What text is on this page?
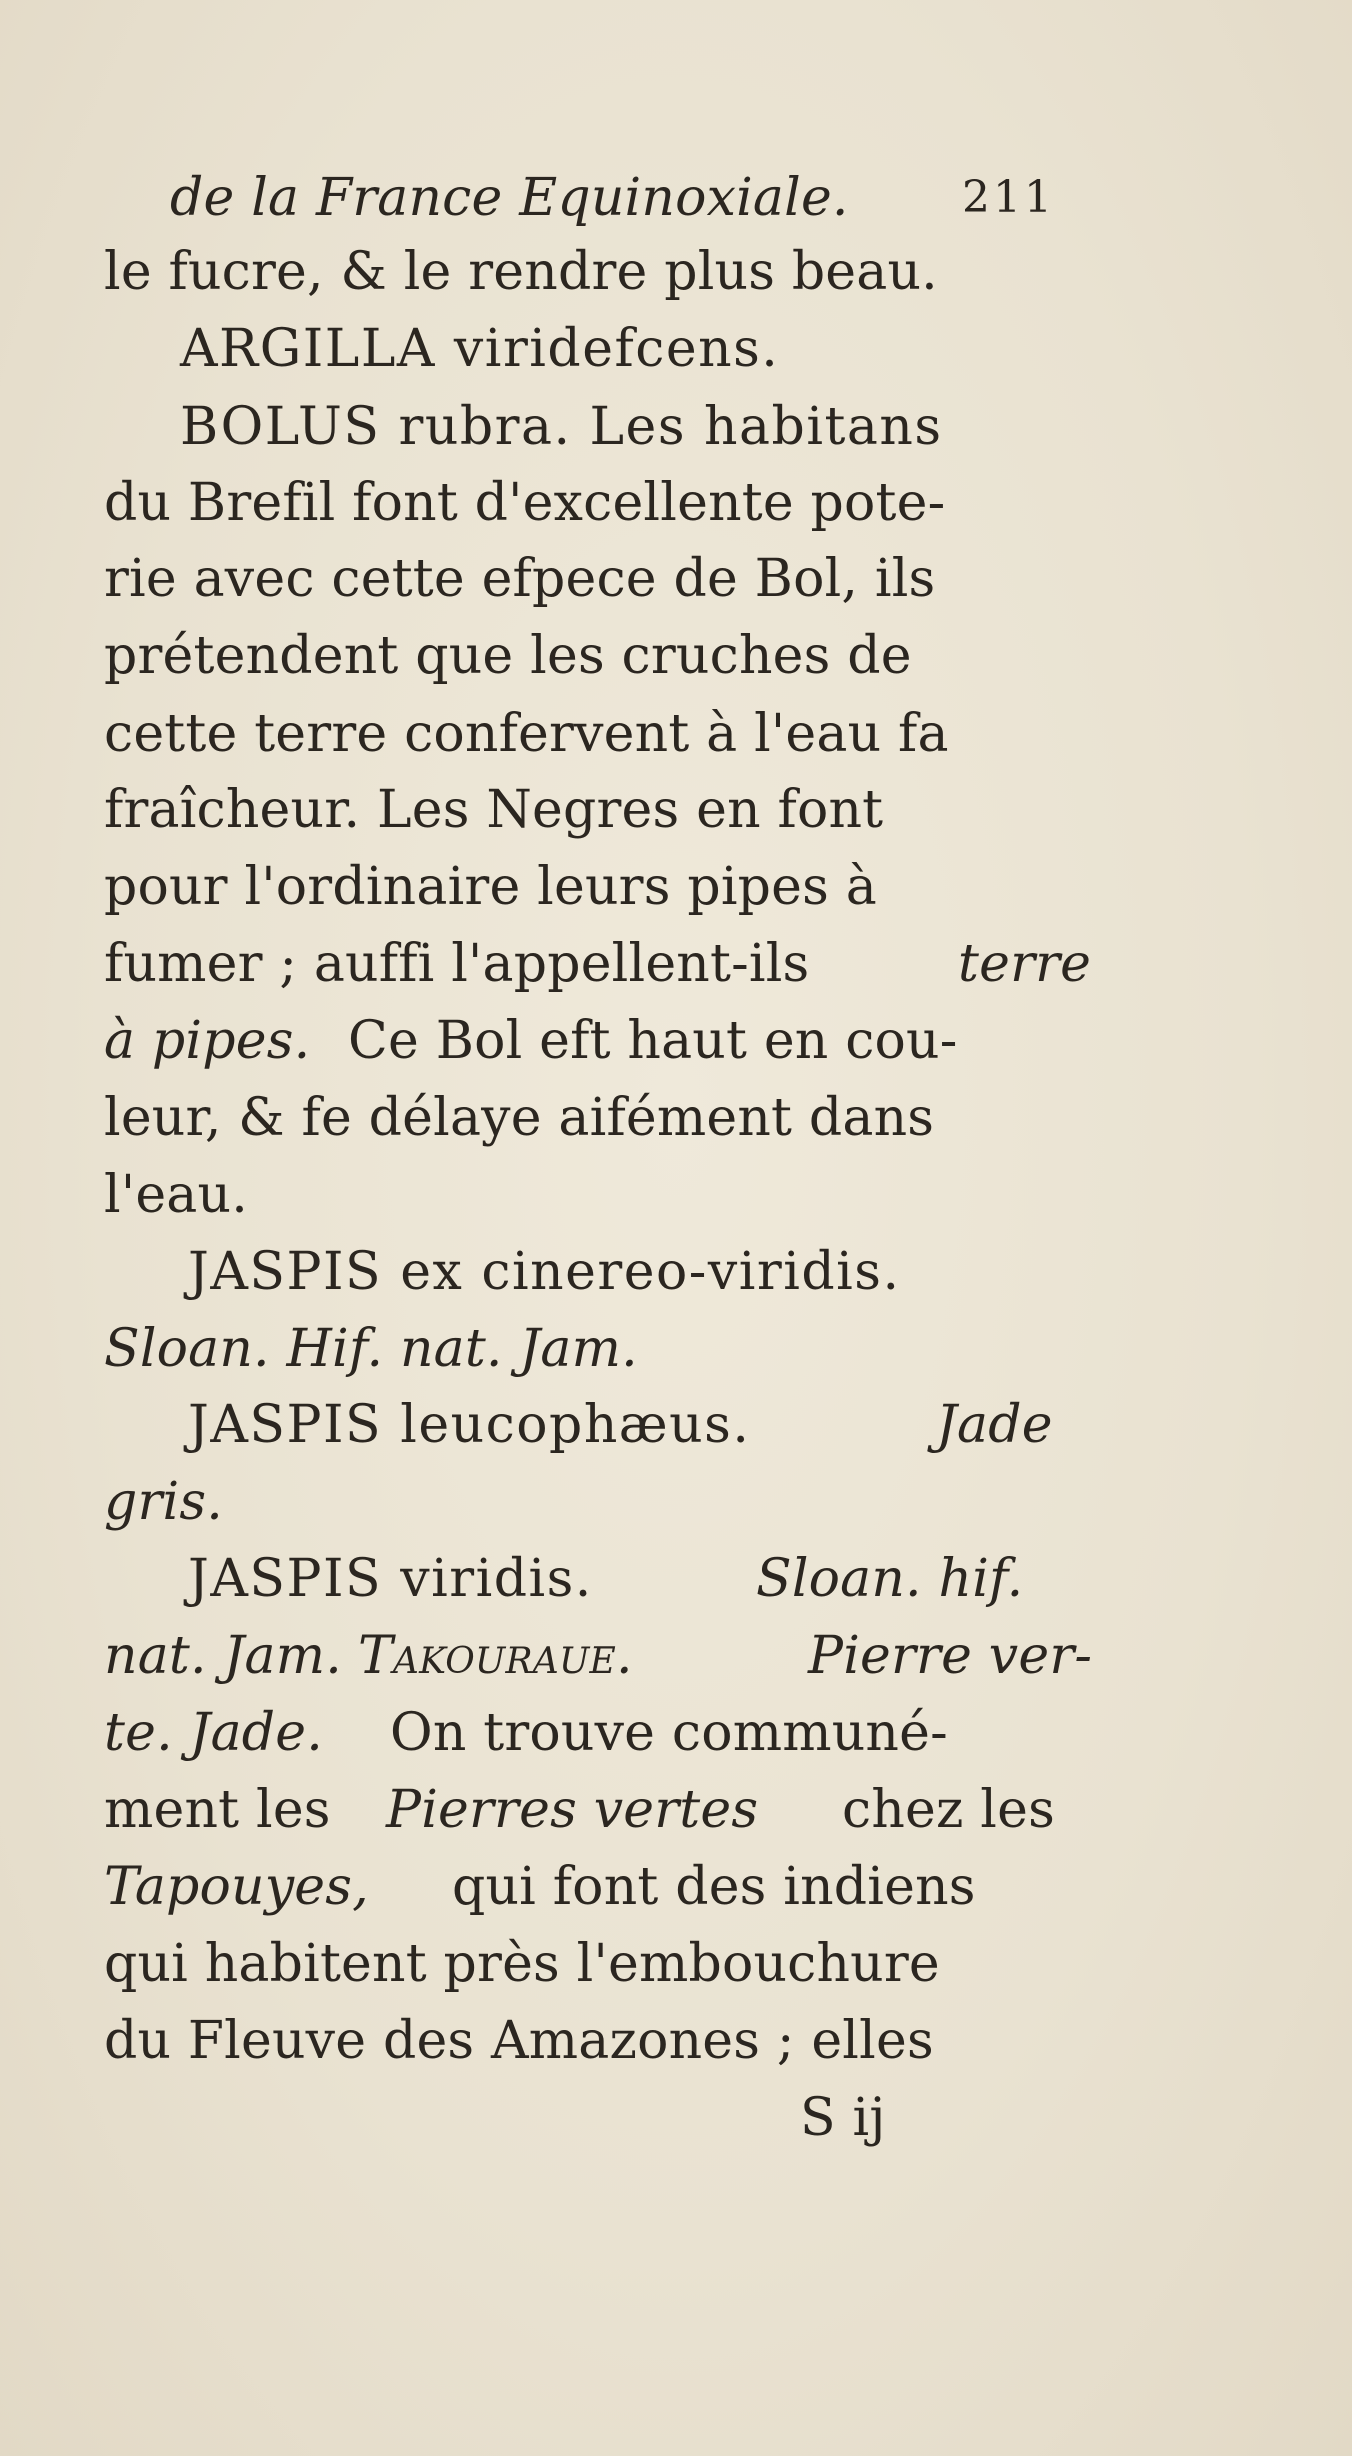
de la France Equinoxiale.	211
le fucre, & le rendre plus beau.
ARGILLA viridefcens.
BOLUS rubra. Les habitans
du Brefil font d'excellente pote-
rie avec cette efpece de Bol, ils
prétendent que les cruches de
cette terre confervent à l'eau fa
fraîcheur. Les Negres en font
pour l'ordinaire leurs pipes à
fumer ; auffi l'appellent-ils	terre
à pipes. Ce Bol eft haut en cou-
leur, & fe délaye aifément dans
l'eau.
JASPIS ex cinereo-viridis.
Sloan. Hif. nat. Jam.
JASPIS leucophæus.	Jade
gris.
JASPIS viridis.	Sloan. hif.
nat. Jam. Takouraue.	Pierre ver-
te. Jade. On trouve communé-
ment les Pierres vertes chez les
Tapouyes, qui font des indiens
qui habitent près l'embouchure
du Fleuve des Amazones ; elles
S ij
